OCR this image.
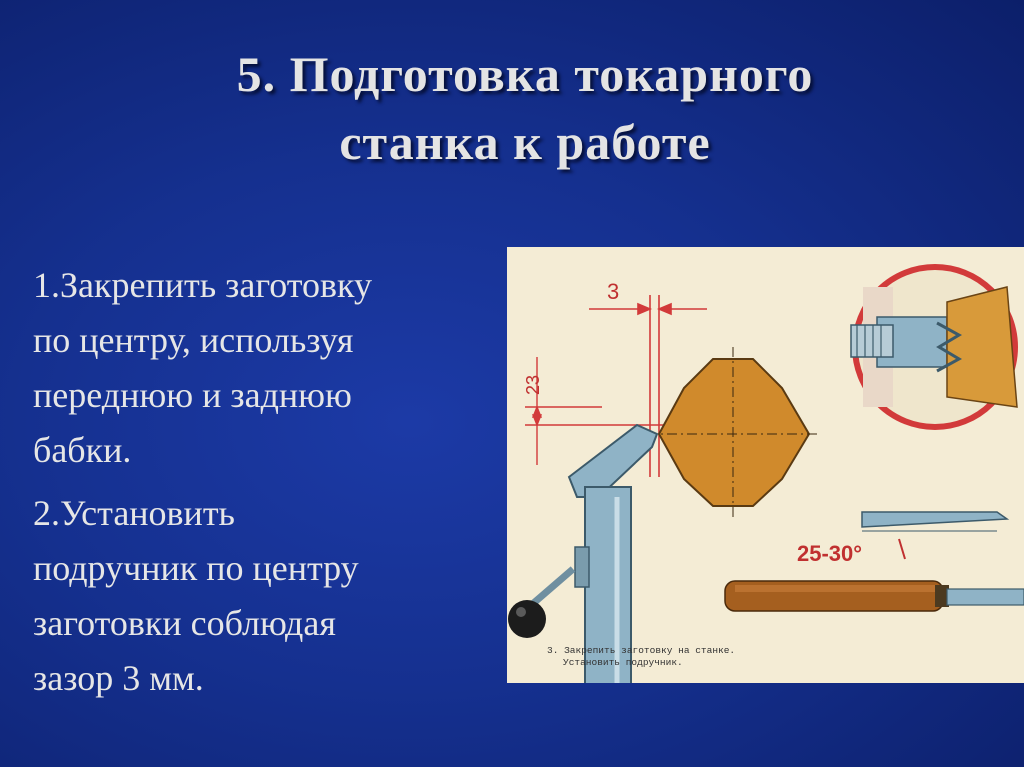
5. Подготовка токарного
станка к работе

1.Закрепить заготовку
по центру, используя
переднюю и заднюю
бабки.

2.Установить
подручник по центру
заготовки соблюдая
зазор 3 мм.

3
23
25-30°
3. Закрепить заготовку на станке.
Установить подручник.
